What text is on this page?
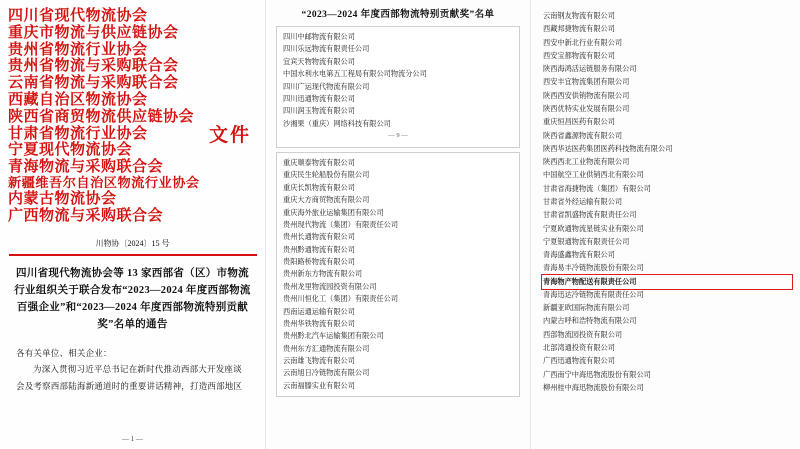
四川省现代物流协会
重庆市物流与供应链协会
贵州省物流行业协会
贵州省物流与采购联合会
云南省物流与采购联合会
西藏自治区物流协会
陕西省商贸物流供应链协会
甘肃省物流行业协会
宁夏现代物流协会
青海物流与采购联合会
新疆维吾尔自治区物流行业协会
内蒙古物流协会
广西物流与采购联合会
文件
川物协〔2024〕15 号
四川省现代物流协会等 13 家西部省（区）市物流行业组织关于联合发布“2023—2024 年度西部物流百强企业”和“2023—2024 年度西部物流特别贡献奖”名单的通告
各有关单位、相关企业：
为深入贯彻习近平总书记在新时代推动西部大开发座谈会及考察西部陆海新通道时的重要讲话精神，打造西部地区
— 1 —
“2023—2024 年度西部物流特别贡献奖”名单
四川中邮物流有限公司
四川乐远物流有限责任公司
宜宾天物物流有限公司
中国水利水电第五工程局有限公司物流分公司
四川广运现代物流有限公司
四川迅通物流有限公司
四川润玉物流有限公司
沙湘果（重庆）网络科技有限公司
— 9 —
重庆顺泰物流有限公司
重庆民生轮船股份有限公司
重庆长凯物流有限公司
重庆大方商贸物流有限公司
重庆海外旅业运输集团有限公司
贵州现代物流（集团）有限责任公司
贵州长通物流有限公司
贵州黔通物流有限公司
贵阳路桥物流有限公司
贵州新东方物流有限公司
贵州龙里物流园投资有限公司
贵州川恒化工（集团）有限责任公司
西南运通运输有限公司
贵州华铁物流有限公司
贵州黔北汽车运输集团有限公司
贵州东方汇通物流有限公司
云南雄飞物流有限公司
云南旭日冷链物流有限公司
云南福滕实业有限公司
云南钢友物流有限公司
西藏邦捷物流有限公司
西安中新北行业有限公司
西安宝都物流有限公司
陕西海鸿活运链服务有限公司
西安丰宜物流集团有限公司
陕西西安供销物流有限公司
陕西优特实业发展有限公司
重庆恒昌医药有限公司
陕西省鑫源物流有限公司
陕西华达医药集团医药科技物流有限公司
陕西西北工业物流有限公司
中国航空工业供销西北有限公司
甘肃省海捷物流（集团）有限公司
甘肃省外经运输有限公司
甘肃省凯盛物流有限责任公司
宁夏欧通物流星链实业有限公司
宁夏银通物流有限责任公司
青海盛鑫物流有限公司
青海易丰冷链物流股份有限公司
青海物产物配送有限责任公司
青海迅达冷链物流有限责任公司
新疆亚欧国际物流有限公司
内蒙古呼和浩特物流有限公司
西部物流园投资有限公司
北部湾通投资有限公司
广西迅通物流有限公司
广西南宁中海迅物流股份有限公司
柳州桂中海迅物流股份有限公司
